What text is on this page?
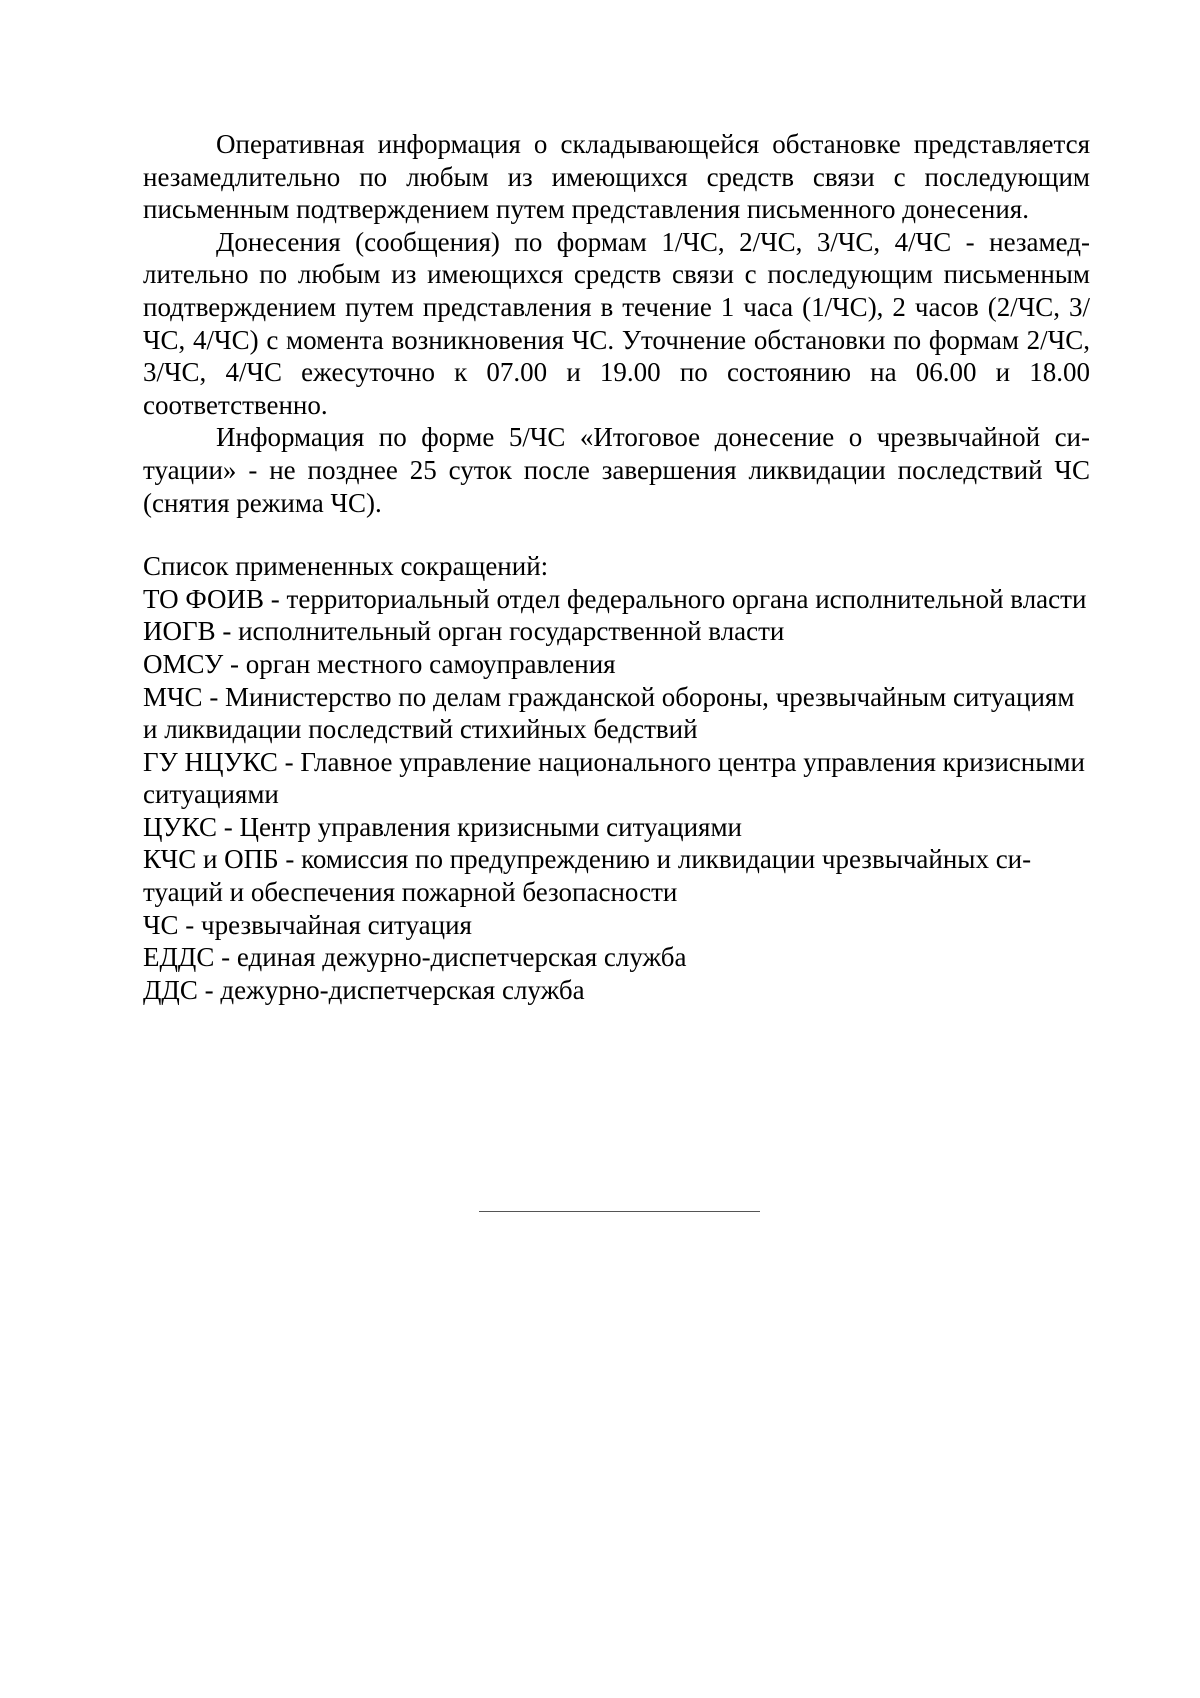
Оперативная информация о складывающейся обстановке представляется незамедлительно по любым из имеющихся средств связи с последующим письменным подтверждением путем представления письменного донесения.

Донесения (сообщения) по формам 1/ЧС, 2/ЧС, 3/ЧС, 4/ЧС - незамедлительно по любым из имеющихся средств связи с последующим письменным подтверждением путем представления в течение 1 часа (1/ЧС), 2 часов (2/ЧС, 3/ЧС, 4/ЧС) с момента возникновения ЧС. Уточнение обстановки по формам 2/ЧС, 3/ЧС, 4/ЧС ежесуточно к 07.00 и 19.00 по состоянию на 06.00 и 18.00 соответственно.

Информация по форме 5/ЧС «Итоговое донесение о чрезвычайной ситуации» - не позднее 25 суток после завершения ликвидации последствий ЧС (снятия режима ЧС).

Список примененных сокращений:

ТО ФОИВ - территориальный отдел федерального органа исполнительной власти
ИОГВ - исполнительный орган государственной власти
ОМСУ - орган местного самоуправления
МЧС - Министерство по делам гражданской обороны, чрезвычайным ситуациям и ликвидации последствий стихийных бедствий
ГУ НЦУКС - Главное управление национального центра управления кризисными ситуациями
ЦУКС - Центр управления кризисными ситуациями
КЧС и ОПБ - комиссия по предупреждению и ликвидации чрезвычайных ситуаций и обеспечения пожарной безопасности
ЧС - чрезвычайная ситуация
ЕДДС - единая дежурно-диспетчерская служба
ДДС - дежурно-диспетчерская служба
